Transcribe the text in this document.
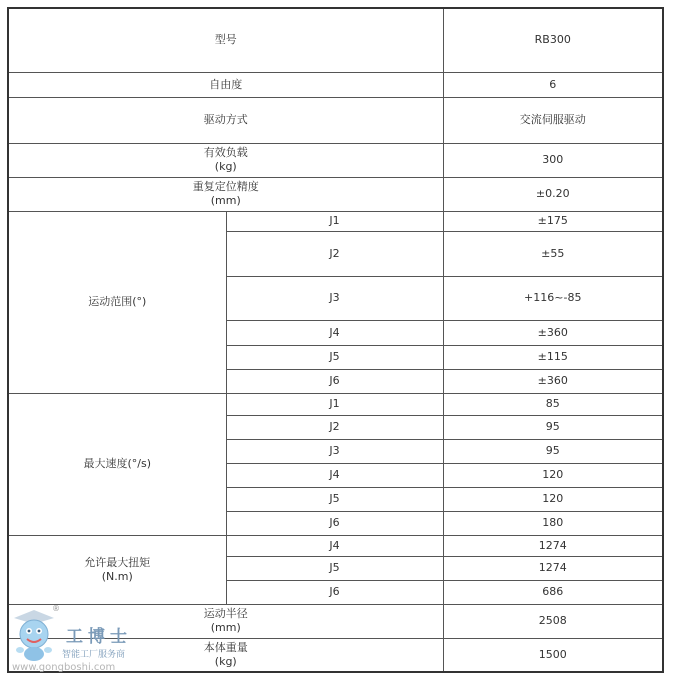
型号		RB300
自由度		6
驱动方式		交流伺服驱动

有效负载
(kg)		300

重复定位精度
(mm)		±0.20
运动范围(°)	J1	±175
	J2	±55
	J3	+116~-85
	J4	±360
	J5	±115
	J6	±360
最大速度(°/s)	J1	85
	J2	95
	J3	95
	J4	120
	J5	120
	J6	180

允许最大扭矩
(N.m)	J4	1274
	J5	1274
	J6	686

运动半径
(mm)		2508

本体重量
(kg)		1500
®
工博士
智能工厂服务商
www.gongboshi.com
